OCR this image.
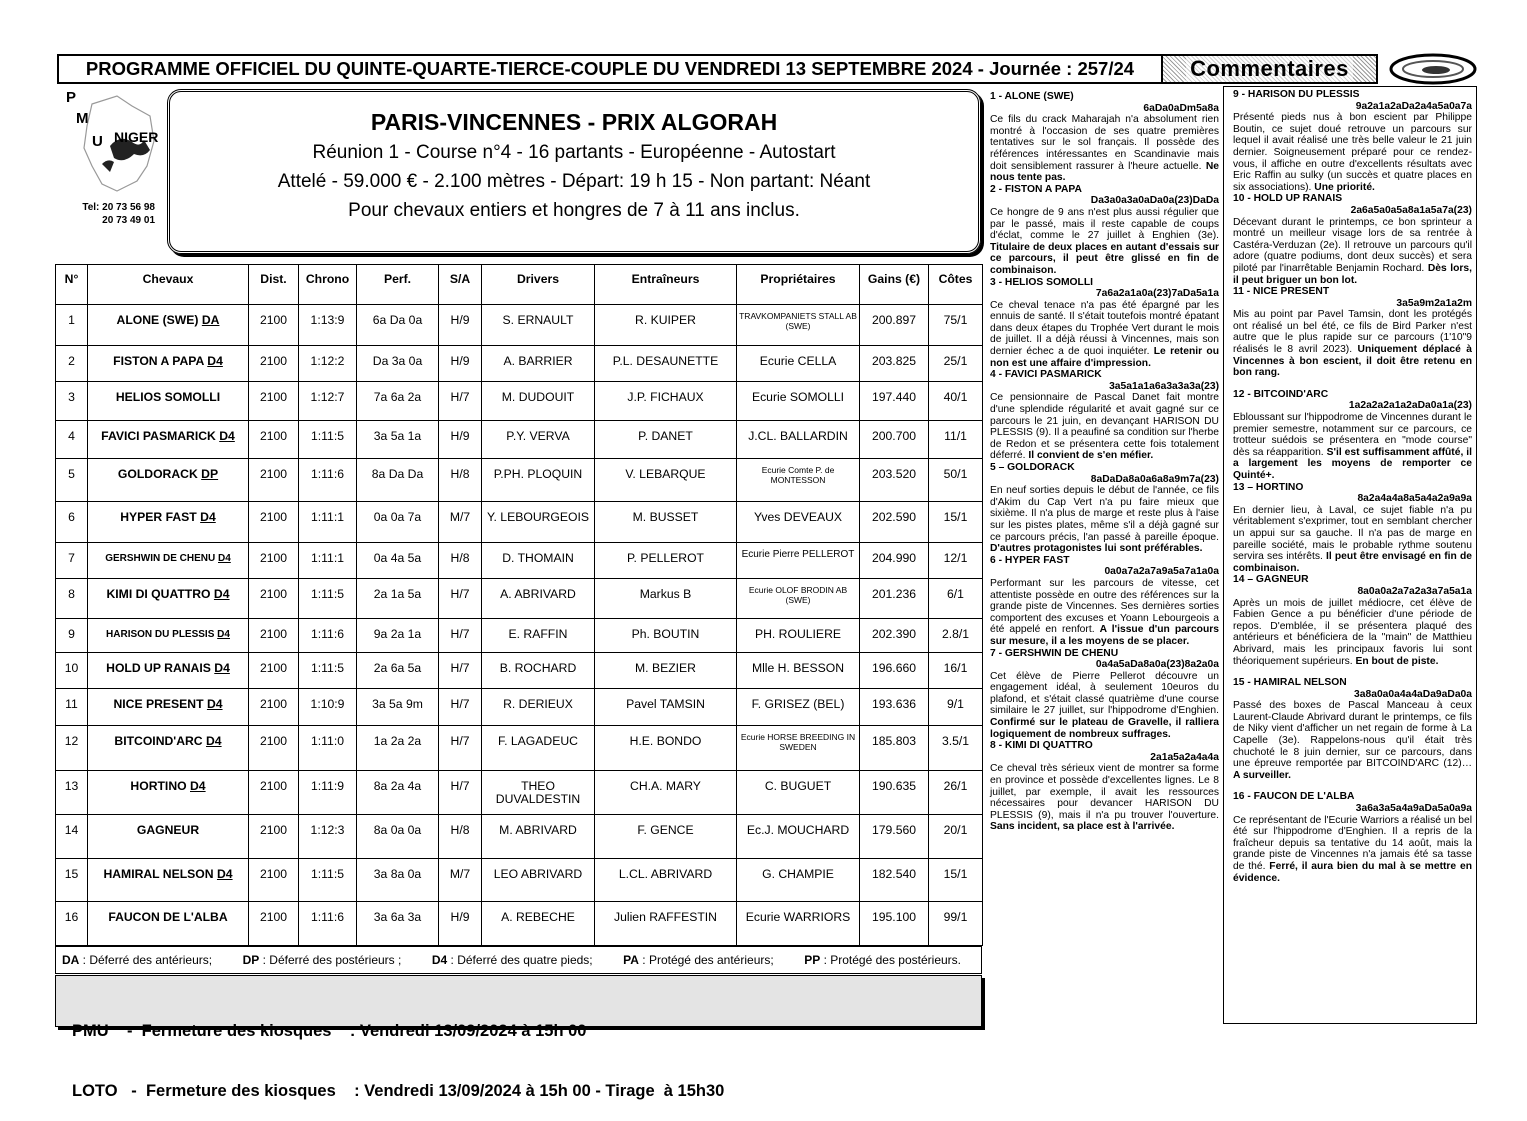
PROGRAMME OFFICIEL DU QUINTE-QUARTE-TIERCE-COUPLE DU VENDREDI 13 SEPTEMBRE 2024 - Journée : 257/24	Commentaires
P
M
U NIGER
Tel: 20 73 56 98
20 73 49 01
PARIS-VINCENNES - PRIX ALGORAH
Réunion 1 - Course n°4 - 16 partants - Européenne - Autostart
Attelé - 59.000 € - 2.100 mètres - Départ: 19 h 15 - Non partant: Néant
Pour chevaux entiers et hongres de 7 à 11 ans inclus.
N°	Chevaux	Dist.	Chrono	Perf.	S/A	Drivers	Entraîneurs	Propriétaires	Gains (€)	Côtes
1	ALONE (SWE) DA	2100	1:13:9	6a Da 0a	H/9	S. ERNAULT	R. KUIPER	TRAVKOMPANIETS STALL AB (SWE)	200.897	75/1
2	FISTON A PAPA D4	2100	1:12:2	Da 3a 0a	H/9	A. BARRIER	P.L. DESAUNETTE	Ecurie CELLA	203.825	25/1
3	HELIOS SOMOLLI	2100	1:12:7	7a 6a 2a	H/7	M. DUDOUIT	J.P. FICHAUX	Ecurie SOMOLLI	197.440	40/1
4	FAVICI PASMARICK D4	2100	1:11:5	3a 5a 1a	H/9	P.Y. VERVA	P. DANET	J.CL. BALLARDIN	200.700	11/1
5	GOLDORACK DP	2100	1:11:6	8a Da Da	H/8	P.PH. PLOQUIN	V. LEBARQUE	Ecurie Comte P. de MONTESSON	203.520	50/1
6	HYPER FAST D4	2100	1:11:1	0a 0a 7a	M/7	Y. LEBOURGEOIS	M. BUSSET	Yves DEVEAUX	202.590	15/1
7	GERSHWIN DE CHENU D4	2100	1:11:1	0a 4a 5a	H/8	D. THOMAIN	P. PELLEROT	Ecurie Pierre PELLEROT	204.990	12/1
8	KIMI DI QUATTRO D4	2100	1:11:5	2a 1a 5a	H/7	A. ABRIVARD	Markus B	Ecurie OLOF BRODIN AB (SWE)	201.236	6/1
9	HARISON DU PLESSIS D4	2100	1:11:6	9a 2a 1a	H/7	E. RAFFIN	Ph. BOUTIN	PH. ROULIERE	202.390	2.8/1
10	HOLD UP RANAIS D4	2100	1:11:5	2a 6a 5a	H/7	B. ROCHARD	M. BEZIER	Mlle H. BESSON	196.660	16/1
11	NICE PRESENT D4	2100	1:10:9	3a 5a 9m	H/7	R. DERIEUX	Pavel TAMSIN	F. GRISEZ (BEL)	193.636	9/1
12	BITCOIND'ARC D4	2100	1:11:0	1a 2a 2a	H/7	F. LAGADEUC	H.E. BONDO	Ecurie HORSE BREEDING IN SWEDEN	185.803	3.5/1
13	HORTINO D4	2100	1:11:9	8a 2a 4a	H/7	THEO DUVALDESTIN	CH.A. MARY	C. BUGUET	190.635	26/1
14	GAGNEUR	2100	1:12:3	8a 0a 0a	H/8	M. ABRIVARD	F. GENCE	Ec.J. MOUCHARD	179.560	20/1
15	HAMIRAL NELSON D4	2100	1:11:5	3a 8a 0a	M/7	LEO ABRIVARD	L.CL. ABRIVARD	G. CHAMPIE	182.540	15/1
16	FAUCON DE L'ALBA	2100	1:11:6	3a 6a 3a	H/9	A. REBECHE	Julien RAFFESTIN	Ecurie WARRIORS	195.100	99/1
DA : Déferré des antérieurs;	DP : Déferré des postérieurs ;	D4 : Déferré des quatre pieds;	PA : Protégé des antérieurs;	PP : Protégé des postérieurs.

PMU    -  Fermeture des kiosques    : Vendredi 13/09/2024 à 15h 00

LOTO   -  Fermeture des kiosques    : Vendredi 13/09/2024 à 15h 00 - Tirage  à 15h30

1 - ALONE (SWE)
6aDa0aDm5a8a

Ce fils du crack Maharajah n'a absolument rien montré à l'occasion de ses quatre premières tentatives sur le sol français. Il possède des références intéressantes en Scandinavie mais doit sensiblement rassurer à l'heure actuelle. Ne nous tente pas.

2 - FISTON A PAPA
Da3a0a3a0aDa0a(23)DaDa

Ce hongre de 9 ans n'est plus aussi régulier que par le passé, mais il reste capable de coups d'éclat, comme le 27 juillet à Enghien (3e). Titulaire de deux places en autant d'essais sur ce parcours, il peut être glissé en fin de combinaison.

3 - HELIOS SOMOLLI
7a6a2a1a0a(23)7aDa5a1a

Ce cheval tenace n'a pas été épargné par les ennuis de santé. Il s'était toutefois montré épatant dans deux étapes du Trophée Vert durant le mois de juillet. Il a déjà réussi à Vincennes, mais son dernier échec a de quoi inquiéter. Le retenir ou non est une affaire d'impression.

4 - FAVICI PASMARICK
3a5a1a1a6a3a3a3a(23)

Ce pensionnaire de Pascal Danet fait montre d'une splendide régularité et avait gagné sur ce parcours le 21 juin, en devançant HARISON DU PLESSIS (9). Il a peaufiné sa condition sur l'herbe de Redon et se présentera cette fois totalement déferré. Il convient de s'en méfier.

5 – GOLDORACK
8aDaDa8a0a6a8a9m7a(23)

En neuf sorties depuis le début de l'année, ce fils d'Akim du Cap Vert n'a pu faire mieux que sixième. Il n'a plus de marge et reste plus à l'aise sur les pistes plates, même s'il a déjà gagné sur ce parcours précis, l'an passé à pareille époque. D'autres protagonistes lui sont préférables.

6 - HYPER FAST
0a0a7a2a7a9a5a7a1a0a

Performant sur les parcours de vitesse, cet attentiste possède en outre des références sur la grande piste de Vincennes. Ses dernières sorties comportent des excuses et Yoann Lebourgeois a été appelé en renfort. A l'issue d'un parcours sur mesure, il a les moyens de se placer.

7 - GERSHWIN DE CHENU
0a4a5aDa8a0a(23)8a2a0a

Cet élève de Pierre Pellerot découvre un engagement idéal, à seulement 10euros du plafond, et s'était classé quatrième d'une course similaire le 27 juillet, sur l'hippodrome d'Enghien. Confirmé sur le plateau de Gravelle, il ralliera logiquement de nombreux suffrages.

8 - KIMI DI QUATTRO
2a1a5a2a4a4a

Ce cheval très sérieux vient de montrer sa forme en province et possède d'excellentes lignes. Le 8 juillet, par exemple, il avait les ressources nécessaires pour devancer HARISON DU PLESSIS (9), mais il n'a pu trouver l'ouverture. Sans incident, sa place est à l'arrivée.

9 - HARISON DU PLESSIS
9a2a1a2aDa2a4a5a0a7a

Présenté pieds nus à bon escient par Philippe Boutin, ce sujet doué retrouve un parcours sur lequel il avait réalisé une très belle valeur le 21 juin dernier. Soigneusement préparé pour ce rendez-vous, il affiche en outre d'excellents résultats avec Eric Raffin au sulky (un succès et quatre places en six associations). Une priorité.

10 - HOLD UP RANAIS
2a6a5a0a5a8a1a5a7a(23)

Décevant durant le printemps, ce bon sprinteur a montré un meilleur visage lors de sa rentrée à Castéra-Verduzan (2e). Il retrouve un parcours qu'il adore (quatre podiums, dont deux succès) et sera piloté par l'inarrêtable Benjamin Rochard. Dès lors, il peut briguer un bon lot.

11 - NICE PRESENT
3a5a9m2a1a2m

Mis au point par Pavel Tamsin, dont les protégés ont réalisé un bel été, ce fils de Bird Parker n'est autre que le plus rapide sur ce parcours (1'10"9 réalisés le 8 avril 2023). Uniquement déplacé à Vincennes à bon escient, il doit être retenu en bon rang.

12 - BITCOIND'ARC
1a2a2a2a1a2aDa0a1a(23)

Ebloussant sur l'hippodrome de Vincennes durant le premier semestre, notamment sur ce parcours, ce trotteur suédois se présentera en "mode course" dès sa réapparition. S'il est suffisamment affûté, il a largement les moyens de remporter ce Quinté+.

13 – HORTINO
8a2a4a4a8a5a4a2a9a9a

En dernier lieu, à Laval, ce sujet fiable n'a pu véritablement s'exprimer, tout en semblant chercher un appui sur sa gauche. Il n'a pas de marge en pareille société, mais le probable rythme soutenu servira ses intérêts. Il peut être envisagé en fin de combinaison.

14 – GAGNEUR
8a0a0a2a7a2a3a7a5a1a

Après un mois de juillet médiocre, cet élève de Fabien Gence a pu bénéficier d'une période de repos. D'emblée, il se présentera plaqué des antérieurs et bénéficiera de la "main" de Matthieu Abrivard, mais les principaux favoris lui sont théoriquement supérieurs. En bout de piste.

15 - HAMIRAL NELSON
3a8a0a0a4a4aDa9aDa0a

Passé des boxes de Pascal Manceau à ceux Laurent-Claude Abrivard durant le printemps, ce fils de Niky vient d'afficher un net regain de forme à La Capelle (3e). Rappelons-nous qu'il était très chuchoté le 8 juin dernier, sur ce parcours, dans une épreuve remportée par BITCOIND'ARC (12)… A surveiller.

16 - FAUCON DE L'ALBA
3a6a3a5a4a9aDa5a0a9a

Ce représentant de l'Ecurie Warriors a réalisé un bel été sur l'hippodrome d'Enghien. Il a repris de la fraîcheur depuis sa tentative du 14 août, mais la grande piste de Vincennes n'a jamais été sa tasse de thé. Ferré, il aura bien du mal à se mettre en évidence.
